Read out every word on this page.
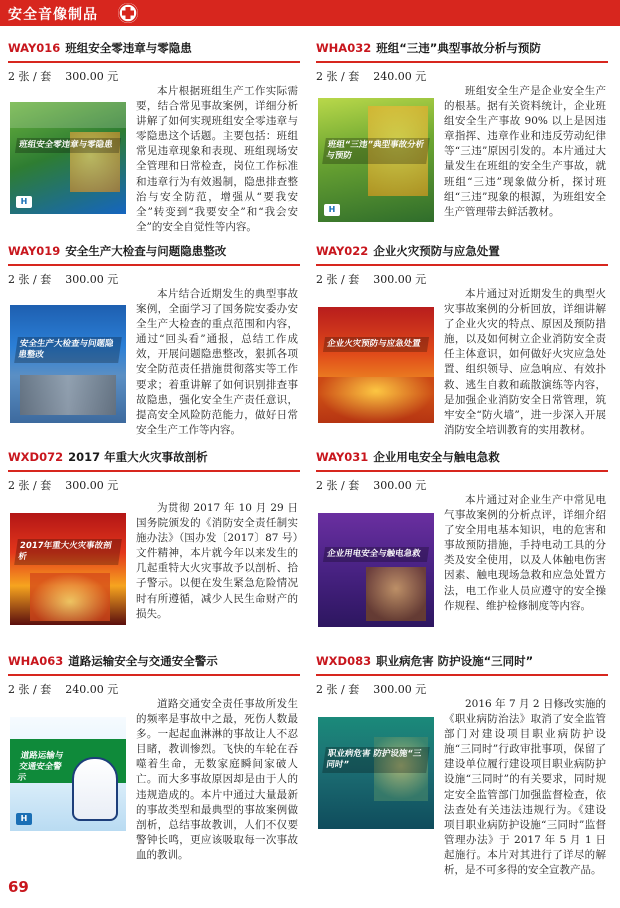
安全音像制品
WAY016 班组安全零违章与零隐患
2 张 / 套 300.00 元
班组安全零违章与零隐患
H
本片根据班组生产工作实际需要，结合常见事故案例，详细分析讲解了如何实现班组安全零违章与零隐患这个话题。主要包括：班组常见违章现象和表现、班组现场安全管理和日常检查，岗位工作标准和违章行为有效遏制，隐患排查整治与安全防范，增强从“要我安全”转变到“我要安全”和“我会安全”的安全自觉性等内容。
WHA032 班组“三违”典型事故分析与预防
2 张 / 套 240.00 元
班组“三违”典型事故分析与预防
H
班组安全生产是企业安全生产的根基。据有关资料统计，企业班组安全生产事故 90% 以上是因违章指挥、违章作业和违反劳动纪律等“三违”原因引发的。本片通过大量发生在班组的安全生产事故，就班组“三违”现象做分析，探讨班组“三违”现象的根源，为班组安全生产管理带去鲜活教材。
WAY019 安全生产大检查与问题隐患整改
2 张 / 套 300.00 元
安全生产大检查与问题隐患整改
本片结合近期发生的典型事故案例，全面学习了国务院安委办安全生产大检查的重点范围和内容，通过“回头看”通报，总结工作成效，开展问题隐患整改，狠抓各项安全防范责任措施贯彻落实等工作要求；着重讲解了如何识别排查事故隐患，强化安全生产责任意识，提高安全风险防范能力，做好日常安全生产工作等内容。
WAY022 企业火灾预防与应急处置
2 张 / 套 300.00 元
企业火灾预防与应急处置
本片通过对近期发生的典型火灾事故案例的分析回放，详细讲解了企业火灾的特点、原因及预防措施，以及如何树立企业消防安全责任主体意识，如何做好火灾应急处置、组织领导、应急响应、有效扑救、逃生自救和疏散演练等内容，是加强企业消防安全日常管理，筑牢安全“防火墙”，进一步深入开展消防安全培训教育的实用教材。
WXD072 2017 年重大火灾事故剖析
2 张 / 套 300.00 元
2017年重大火灾事故剖析
为贯彻 2017 年 10 月 29 日国务院颁发的《消防安全责任制实施办法》（国办发〔2017〕87 号）文件精神，本片就今年以来发生的几起重特大火灾事故予以剖析、拾子警示。以便在发生紧急危险情况时有所遵循，减少人民生命财产的损失。
WAY031 企业用电安全与触电急救
2 张 / 套 300.00 元
企业用电安全与触电急救
本片通过对企业生产中常见电气事故案例的分析点评，详细介绍了安全用电基本知识，电的危害和事故预防措施，手持电动工具的分类及安全使用，以及人体触电伤害因素、触电现场急救和应急处置方法，电工作业人员应遵守的安全操作规程、维护检修制度等内容。
WHA063 道路运输安全与交通安全警示
2 张 / 套 240.00 元
道路运输与交通安全警示
H
道路交通安全责任事故所发生的频率是事故中之最，死伤人数最多。一起起血淋淋的事故让人不忍目睹，教训惨烈。飞快的车轮在吞噬着生命，无数家庭瞬间家破人亡。而大多事故原因却是由于人的违规造成的。本片中通过大量最新的事故类型和最典型的事故案例做剖析，总结事故教训，人们不仅要警钟长鸣，更应该吸取每一次事故血的教训。
WXD083 职业病危害 防护设施“三同时”
2 张 / 套 300.00 元
职业病危害 防护设施“三同时”
2016 年 7 月 2 日修改实施的《职业病防治法》取消了安全监管部门对建设项目职业病防护设施“三同时”行政审批事项，保留了建设单位履行建设项目职业病防护设施“三同时”的有关要求，同时规定安全监管部门加强监督检查，依法查处有关违法违规行为。《建设项目职业病防护设施“三同时”监督管理办法》于 2017 年 5 月 1 日起施行。本片对其进行了详尽的解析，是不可多得的安全宣教产品。
69
